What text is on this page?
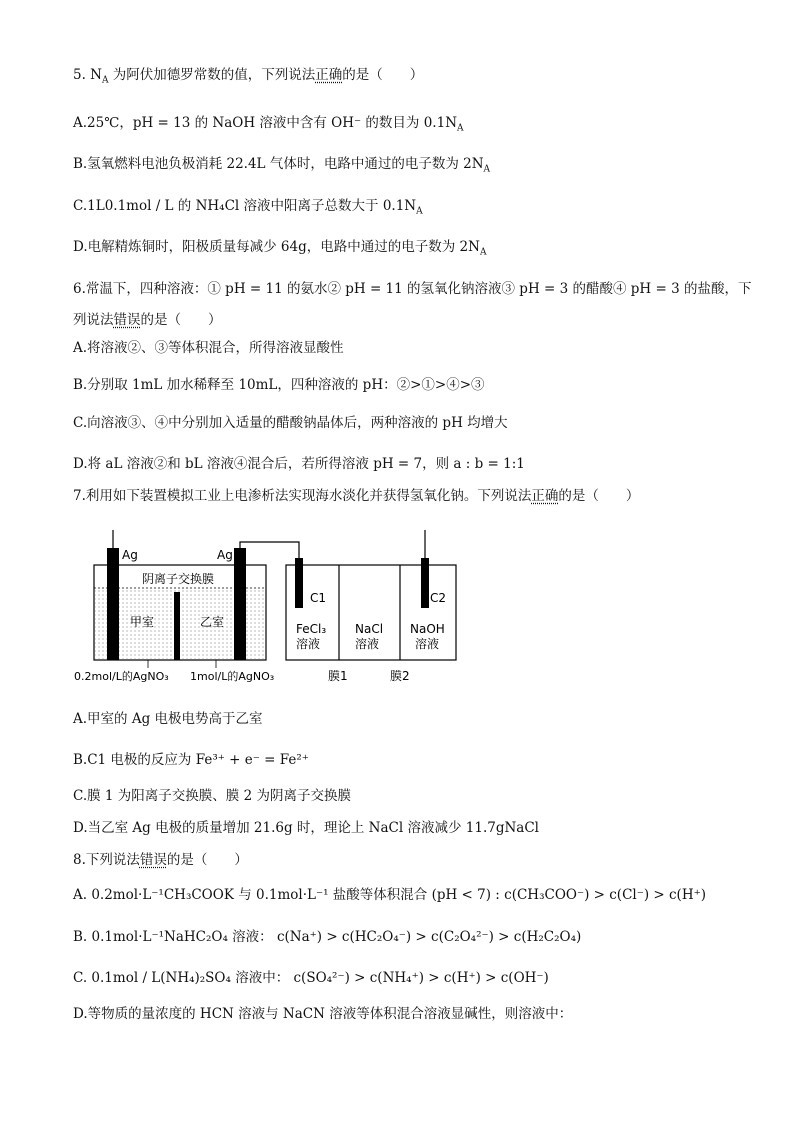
5. $N_A$ 为阿伏加德罗常数的值，下列说法正确的是（　　）
A.25℃，pH = 13 的 NaOH 溶液中含有 OH⁻ 的数目为 $0.1N_A$
B.氢氧燃料电池负极消耗 22.4L 气体时，电路中通过的电子数为 $2N_A$
C.1L0.1mol / L 的 NH₄Cl 溶液中阳离子总数大于 $0.1N_A$
D.电解精炼铜时，阳极质量每减少 64g，电路中通过的电子数为 $2N_A$
6.常温下，四种溶液：① pH = 11 的氨水② pH = 11 的氢氧化钠溶液③ pH = 3 的醋酸④ pH = 3 的盐酸，下
列说法错误的是（　　）
A.将溶液②、③等体积混合，所得溶液显酸性
B.分别取 1mL 加水稀释至 10mL，四种溶液的 pH：②>①>④>③
C.向溶液③、④中分别加入适量的醋酸钠晶体后，两种溶液的 pH 均增大
D.将 aL 溶液②和 bL 溶液④混合后，若所得溶液 pH = 7，则 a : b = 1:1
7.利用如下装置模拟工业上电渗析法实现海水淡化并获得氢氧化钠。下列说法正确的是（　　）
Ag	Ag
阴离子交换膜
甲室	乙室
C1	C2
FeCl₃
溶液
NaCl
溶液
NaOH
溶液
0.2mol/L的AgNO₃ 1mol/L的AgNO₃	膜1	膜2
A.甲室的 Ag 电极电势高于乙室
B.C1 电极的反应为 Fe³⁺ + e⁻ = Fe²⁺
C.膜 1 为阳离子交换膜、膜 2 为阴离子交换膜
D.当乙室 Ag 电极的质量增加 21.6g 时，理论上 NaCl 溶液减少 11.7gNaCl
8.下列说法错误的是（　　）
A. 0.2mol·L⁻¹CH₃COOK 与 0.1mol·L⁻¹ 盐酸等体积混合 (pH < 7) : c(CH₃COO⁻) > c(Cl⁻) > c(H⁺)
B. 0.1mol·L⁻¹NaHC₂O₄ 溶液： c(Na⁺) > c(HC₂O₄⁻) > c(C₂O₄²⁻) > c(H₂C₂O₄)
C. 0.1mol / L(NH₄)₂SO₄ 溶液中： c(SO₄²⁻) > c(NH₄⁺) > c(H⁺) > c(OH⁻)
D.等物质的量浓度的 HCN 溶液与 NaCN 溶液等体积混合溶液显碱性，则溶液中：
